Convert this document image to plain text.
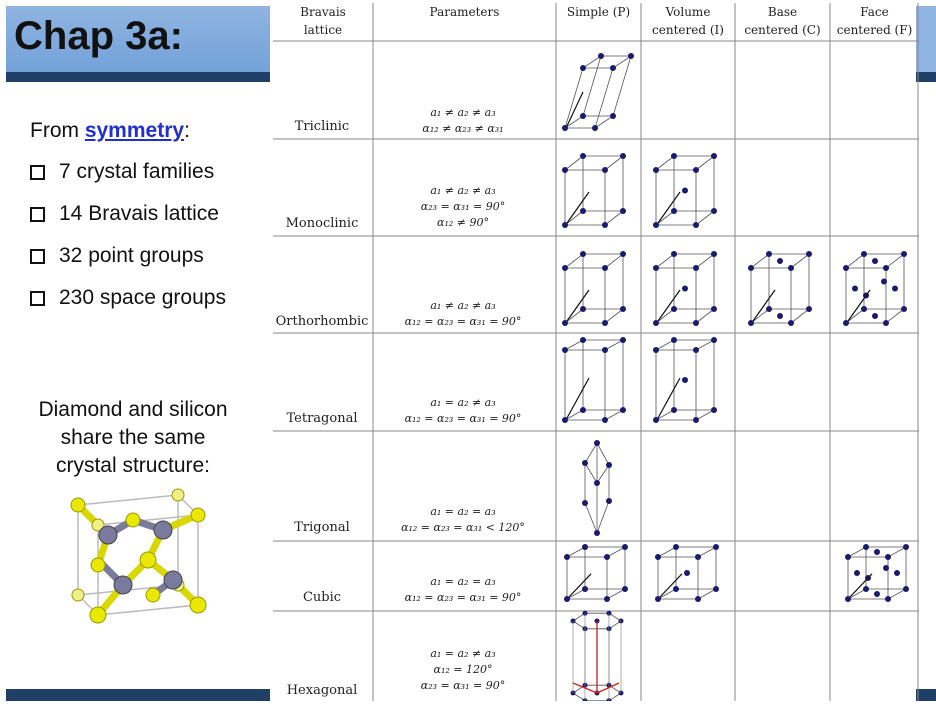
Chap 3a:
From symmetry:
7 crystal families
14 Bravais lattice
32 point groups
230 space groups
Diamond and silicon
share the same
crystal structure:
Bravais
lattice
Parameters	Simple (P)	Volume
centered (I)
Base
centered (C)
Face
centered (F)
Triclinic
Monoclinic
Orthorhombic
Tetragonal
Trigonal
Cubic
Hexagonal
a₁ ≠ a₂ ≠ a₃
α₁₂ ≠ α₂₃ ≠ α₃₁
a₁ ≠ a₂ ≠ a₃
α₂₃ = α₃₁ = 90°
α₁₂ ≠ 90°
a₁ ≠ a₂ ≠ a₃
α₁₂ = α₂₃ = α₃₁ = 90°
a₁ = a₂ ≠ a₃
α₁₂ = α₂₃ = α₃₁ = 90°
a₁ = a₂ = a₃
α₁₂ = α₂₃ = α₃₁ < 120°
a₁ = a₂ = a₃
α₁₂ = α₂₃ = α₃₁ = 90°
a₁ = a₂ ≠ a₃
α₁₂ = 120°
α₂₃ = α₃₁ = 90°
